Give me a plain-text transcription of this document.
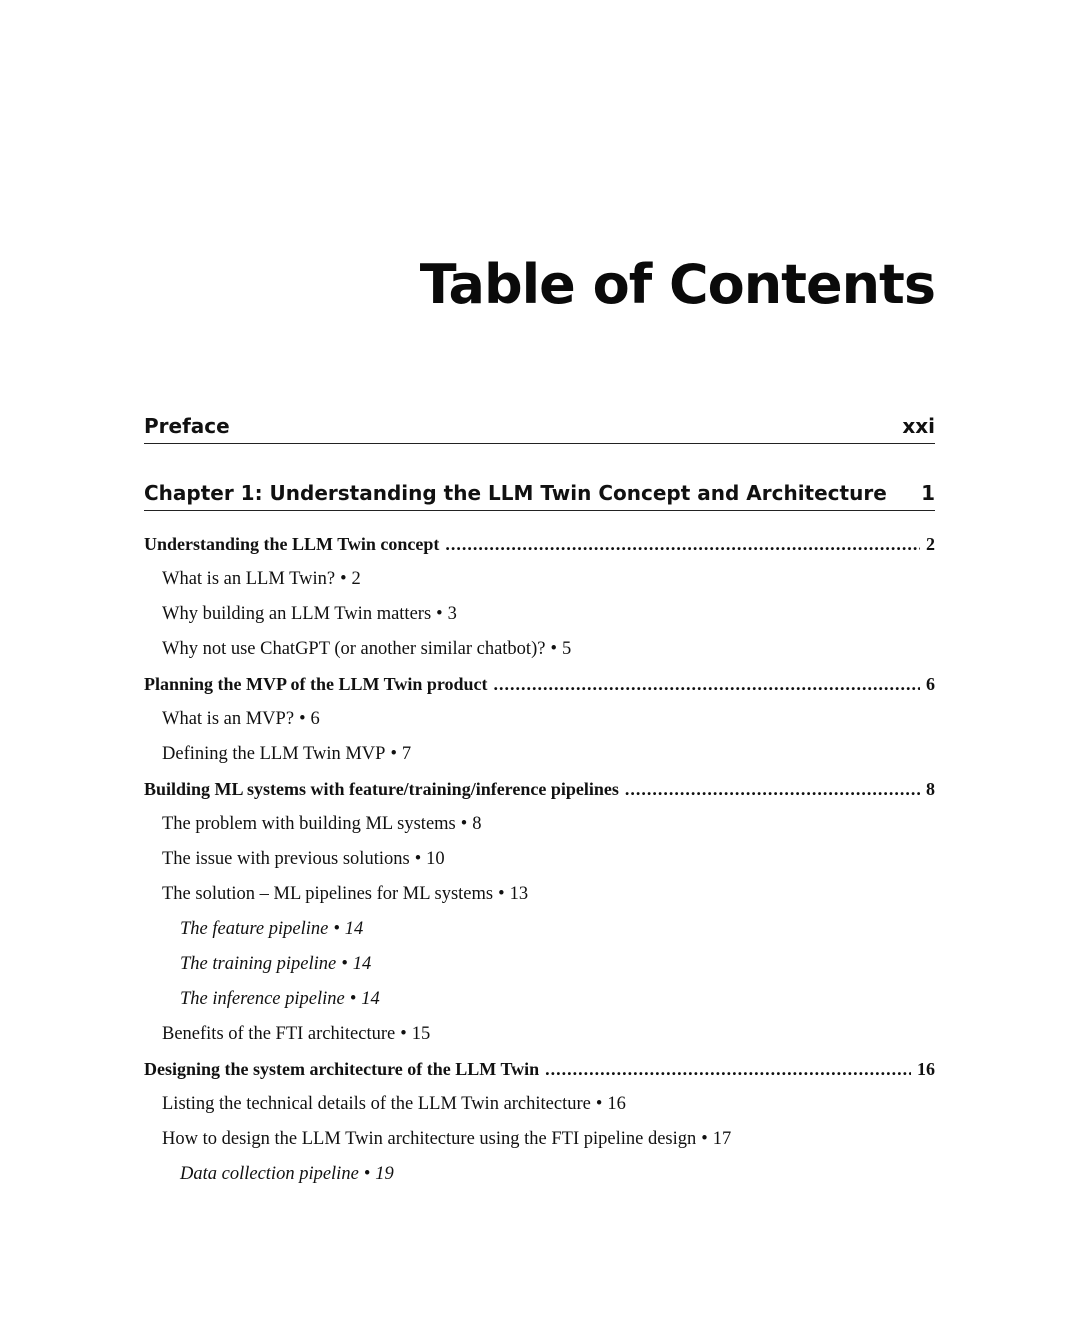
Table of Contents
Preface	xxi
Chapter 1: Understanding the LLM Twin Concept and Architecture 1
Understanding the LLM Twin concept .....	2
What is an LLM Twin? • 2
Why building an LLM Twin matters • 3
Why not use ChatGPT (or another similar chatbot)? • 5
Planning the MVP of the LLM Twin product .....	6
What is an MVP? • 6
Defining the LLM Twin MVP • 7
Building ML systems with feature/training/inference pipelines .....	8
The problem with building ML systems • 8
The issue with previous solutions • 10
The solution – ML pipelines for ML systems • 13
The feature pipeline • 14
The training pipeline • 14
The inference pipeline • 14
Benefits of the FTI architecture • 15
Designing the system architecture of the LLM Twin .....	16
Listing the technical details of the LLM Twin architecture • 16
How to design the LLM Twin architecture using the FTI pipeline design • 17
Data collection pipeline • 19
